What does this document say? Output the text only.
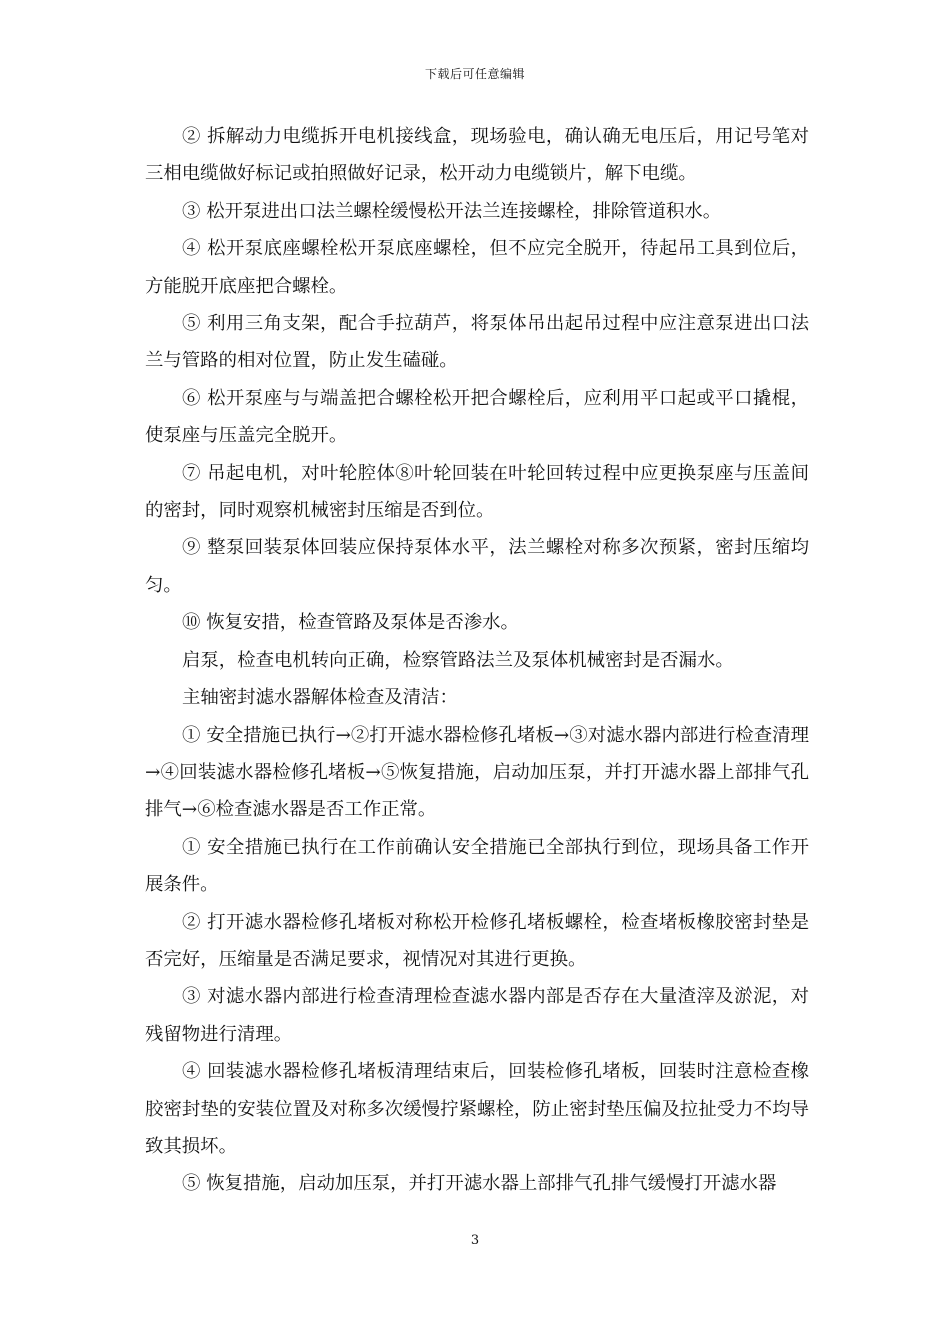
下载后可任意编辑

② 拆解动力电缆拆开电机接线盒，现场验电，确认确无电压后，用记号笔对三相电缆做好标记或拍照做好记录，松开动力电缆锁片，解下电缆。

③ 松开泵进出口法兰螺栓缓慢松开法兰连接螺栓，排除管道积水。

④ 松开泵底座螺栓松开泵底座螺栓，但不应完全脱开，待起吊工具到位后，方能脱开底座把合螺栓。

⑤ 利用三角支架，配合手拉葫芦，将泵体吊出起吊过程中应注意泵进出口法兰与管路的相对位置，防止发生磕碰。

⑥ 松开泵座与与端盖把合螺栓松开把合螺栓后，应利用平口起或平口撬棍，使泵座与压盖完全脱开。

⑦ 吊起电机，对叶轮腔体⑧叶轮回装在叶轮回转过程中应更换泵座与压盖间的密封，同时观察机械密封压缩是否到位。

⑨ 整泵回装泵体回装应保持泵体水平，法兰螺栓对称多次预紧，密封压缩均匀。

⑩ 恢复安措，检查管路及泵体是否渗水。

启泵，检查电机转向正确，检察管路法兰及泵体机械密封是否漏水。

主轴密封滤水器解体检查及清洁：

① 安全措施已执行→②打开滤水器检修孔堵板→③对滤水器内部进行检查清理→④回装滤水器检修孔堵板→⑤恢复措施，启动加压泵，并打开滤水器上部排气孔排气→⑥检查滤水器是否工作正常。

① 安全措施已执行在工作前确认安全措施已全部执行到位，现场具备工作开展条件。

② 打开滤水器检修孔堵板对称松开检修孔堵板螺栓，检查堵板橡胶密封垫是否完好，压缩量是否满足要求，视情况对其进行更换。

③ 对滤水器内部进行检查清理检查滤水器内部是否存在大量渣滓及淤泥，对残留物进行清理。

④ 回装滤水器检修孔堵板清理结束后，回装检修孔堵板，回装时注意检查橡胶密封垫的安装位置及对称多次缓慢拧紧螺栓，防止密封垫压偏及拉扯受力不均导致其损坏。

⑤ 恢复措施，启动加压泵，并打开滤水器上部排气孔排气缓慢打开滤水器

3
